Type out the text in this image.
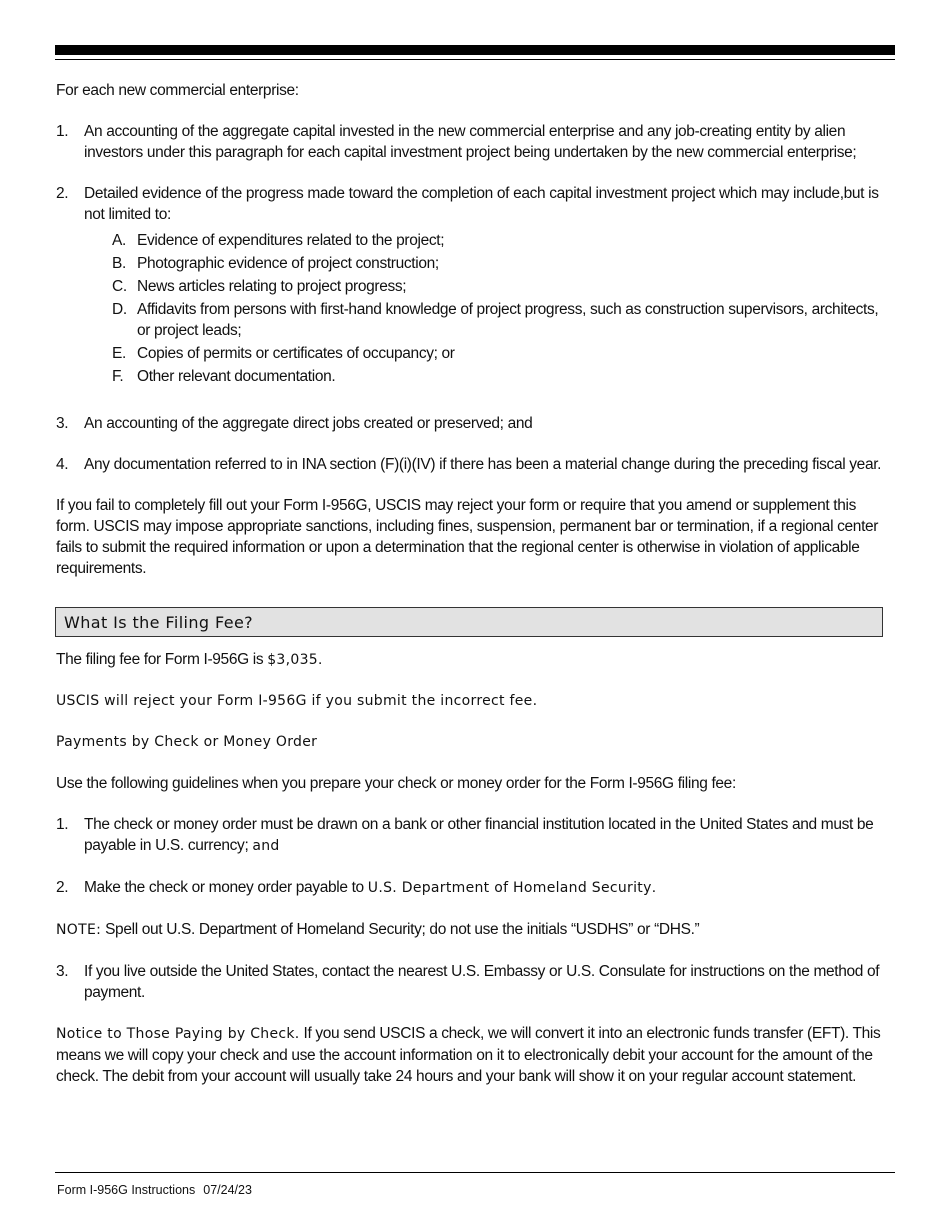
For each new commercial enterprise:

1. An accounting of the aggregate capital invested in the new commercial enterprise and any job-creating entity by alien investors under this paragraph for each capital investment project being undertaken by the new commercial enterprise;
2. Detailed evidence of the progress made toward the completion of each capital investment project which may include,but is not limited to:
A. Evidence of expenditures related to the project;
B. Photographic evidence of project construction;
C. News articles relating to project progress;
D. Affidavits from persons with first-hand knowledge of project progress, such as construction supervisors, architects, or project leads;
E. Copies of permits or certificates of occupancy; or
F. Other relevant documentation.
3. An accounting of the aggregate direct jobs created or preserved; and
4. Any documentation referred to in INA section (F)(i)(IV) if there has been a material change during the preceding fiscal year.

If you fail to completely fill out your Form I-956G, USCIS may reject your form or require that you amend or supplement this form. USCIS may impose appropriate sanctions, including fines, suspension, permanent bar or termination, if a regional center fails to submit the required information or upon a determination that the regional center is otherwise in violation of applicable requirements.

What Is the Filing Fee?

The filing fee for Form I-956G is $3,035.

USCIS will reject your Form I-956G if you submit the incorrect fee.

Payments by Check or Money Order

Use the following guidelines when you prepare your check or money order for the Form I-956G filing fee:

1. The check or money order must be drawn on a bank or other financial institution located in the United States and must be payable in U.S. currency; and
2. Make the check or money order payable to U.S. Department of Homeland Security.

NOTE: Spell out U.S. Department of Homeland Security; do not use the initials “USDHS” or “DHS.”

3. If you live outside the United States, contact the nearest U.S. Embassy or U.S. Consulate for instructions on the method of payment.

Notice to Those Paying by Check. If you send USCIS a check, we will convert it into an electronic funds transfer (EFT). This means we will copy your check and use the account information on it to electronically debit your account for the amount of the check. The debit from your account will usually take 24 hours and your bank will show it on your regular account statement.

Form I-956G Instructions 07/24/23
